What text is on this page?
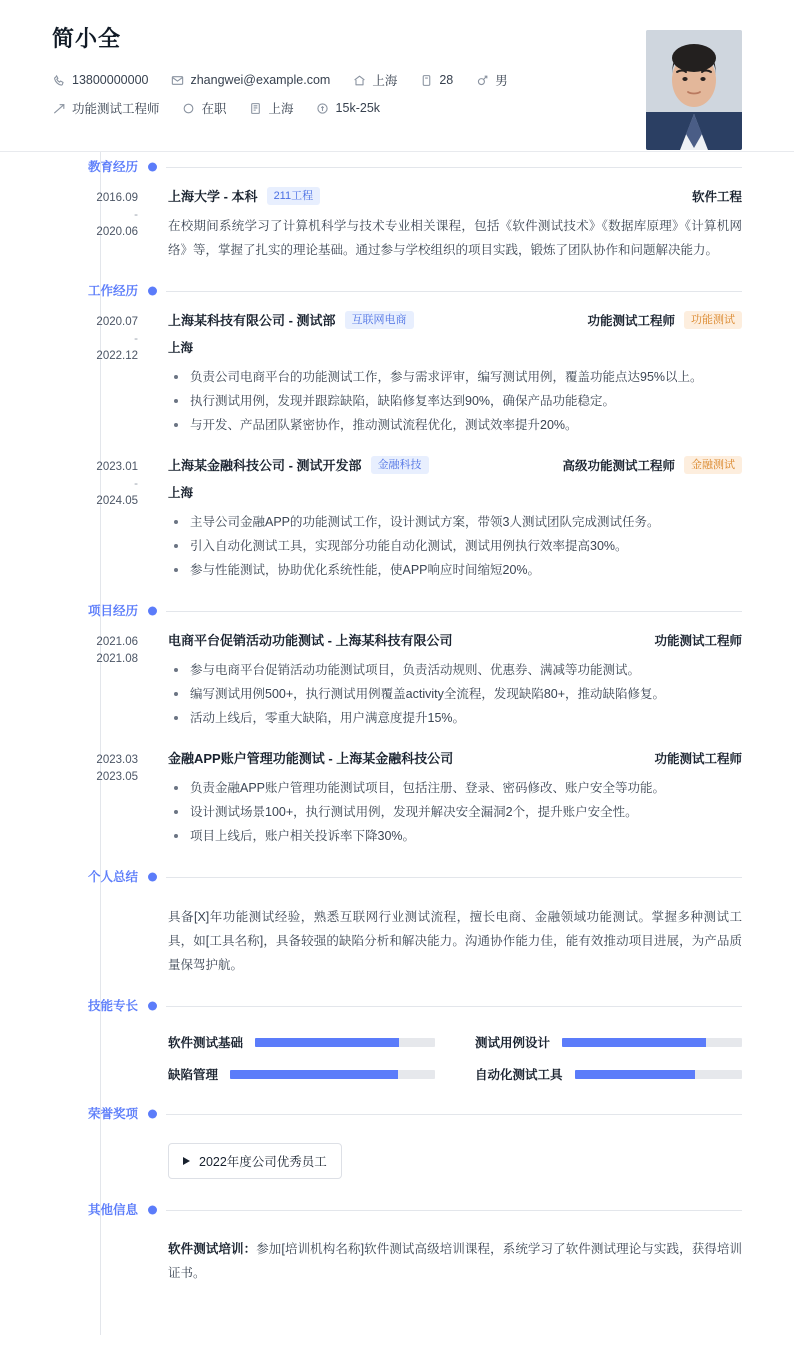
简小全
13800000000	zhangwei@example.com	上海	28	男
功能测试工程师	在职	上海	15k-25k
教育经历
2016.09
-
2020.06
上海大学 - 本科	211工程	软件工程
在校期间系统学习了计算机科学与技术专业相关课程，包括《软件测试技术》《数据库原理》《计算机网络》等，掌握了扎实的理论基础。通过参与学校组织的项目实践，锻炼了团队协作和问题解决能力。
工作经历
2020.07
-
2022.12
上海某科技有限公司 - 测试部	互联网电商	功能测试工程师	功能测试
上海
负责公司电商平台的功能测试工作，参与需求评审，编写测试用例，覆盖功能点达95%以上。
执行测试用例，发现并跟踪缺陷，缺陷修复率达到90%，确保产品功能稳定。
与开发、产品团队紧密协作，推动测试流程优化，测试效率提升20%。
2023.01
-
2024.05
上海某金融科技公司 - 测试开发部	金融科技	高级功能测试工程师	金融测试
上海
主导公司金融APP的功能测试工作，设计测试方案，带领3人测试团队完成测试任务。
引入自动化测试工具，实现部分功能自动化测试，测试用例执行效率提高30%。
参与性能测试，协助优化系统性能，使APP响应时间缩短20%。
项目经历
2021.06
2021.08
电商平台促销活动功能测试 - 上海某科技有限公司	功能测试工程师
参与电商平台促销活动功能测试项目，负责活动规则、优惠券、满减等功能测试。
编写测试用例500+，执行测试用例覆盖activity全流程，发现缺陷80+，推动缺陷修复。
活动上线后，零重大缺陷，用户满意度提升15%。
2023.03
2023.05
金融APP账户管理功能测试 - 上海某金融科技公司	功能测试工程师
负责金融APP账户管理功能测试项目，包括注册、登录、密码修改、账户安全等功能。
设计测试场景100+，执行测试用例，发现并解决安全漏洞2个，提升账户安全性。
项目上线后，账户相关投诉率下降30%。
个人总结
具备[X]年功能测试经验，熟悉互联网行业测试流程，擅长电商、金融领域功能测试。掌握多种测试工具，如[工具名称]，具备较强的缺陷分析和解决能力。沟通协作能力佳，能有效推动项目进展，为产品质量保驾护航。
技能专长
软件测试基础	测试用例设计
缺陷管理	自动化测试工具
荣誉奖项
2022年度公司优秀员工
其他信息

软件测试培训：参加[培训机构名称]软件测试高级培训课程，系统学习了软件测试理论与实践，获得培训证书。
